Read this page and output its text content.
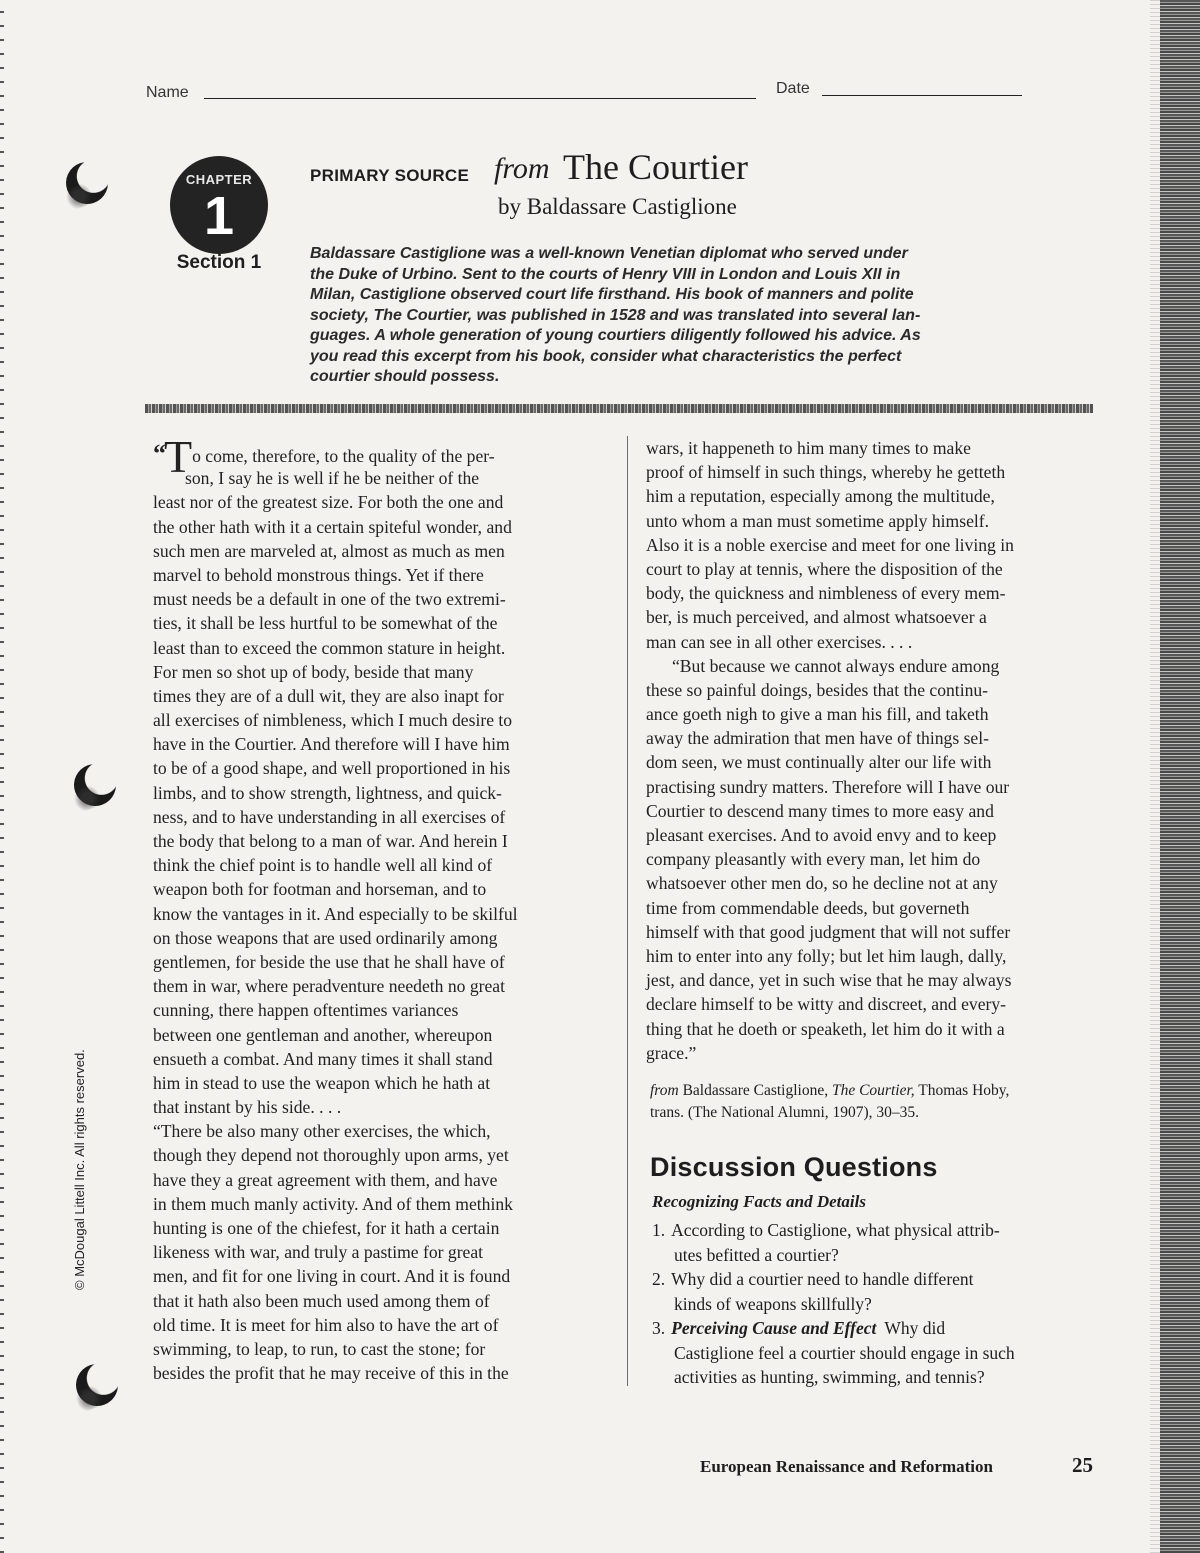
Name	Date
CHAPTER
1
Section 1
PRIMARY SOURCE from The Courtier
by Baldassare Castiglione
Baldassare Castiglione was a well-known Venetian diplomat who served under
the Duke of Urbino. Sent to the courts of Henry VIII in London and Louis XII in
Milan, Castiglione observed court life firsthand. His book of manners and polite
society, The Courtier, was published in 1528 and was translated into several lan-
guages. A whole generation of young courtiers diligently followed his advice. As
you read this excerpt from his book, consider what characteristics the perfect
courtier should possess.
“To come, therefore, to the quality of the per-
son, I say he is well if he be neither of the
least nor of the greatest size. For both the one and
the other hath with it a certain spiteful wonder, and
such men are marveled at, almost as much as men
marvel to behold monstrous things. Yet if there
must needs be a default in one of the two extremi-
ties, it shall be less hurtful to be somewhat of the
least than to exceed the common stature in height.
For men so shot up of body, beside that many
times they are of a dull wit, they are also inapt for
all exercises of nimbleness, which I much desire to
have in the Courtier. And therefore will I have him
to be of a good shape, and well proportioned in his
limbs, and to show strength, lightness, and quick-
ness, and to have understanding in all exercises of
the body that belong to a man of war. And herein I
think the chief point is to handle well all kind of
weapon both for footman and horseman, and to
know the vantages in it. And especially to be skilful
on those weapons that are used ordinarily among
gentlemen, for beside the use that he shall have of
them in war, where peradventure needeth no great
cunning, there happen oftentimes variances
between one gentleman and another, whereupon
ensueth a combat. And many times it shall stand
him in stead to use the weapon which he hath at
that instant by his side. . . .
“There be also many other exercises, the which,
though they depend not thoroughly upon arms, yet
have they a great agreement with them, and have
in them much manly activity. And of them methink
hunting is one of the chiefest, for it hath a certain
likeness with war, and truly a pastime for great
men, and fit for one living in court. And it is found
that it hath also been much used among them of
old time. It is meet for him also to have the art of
swimming, to leap, to run, to cast the stone; for
besides the profit that he may receive of this in the
wars, it happeneth to him many times to make
proof of himself in such things, whereby he getteth
him a reputation, especially among the multitude,
unto whom a man must sometime apply himself.
Also it is a noble exercise and meet for one living in
court to play at tennis, where the disposition of the
body, the quickness and nimbleness of every mem-
ber, is much perceived, and almost whatsoever a
man can see in all other exercises. . . .
“But because we cannot always endure among
these so painful doings, besides that the continu-
ance goeth nigh to give a man his fill, and taketh
away the admiration that men have of things sel-
dom seen, we must continually alter our life with
practising sundry matters. Therefore will I have our
Courtier to descend many times to more easy and
pleasant exercises. And to avoid envy and to keep
company pleasantly with every man, let him do
whatsoever other men do, so he decline not at any
time from commendable deeds, but governeth
himself with that good judgment that will not suffer
him to enter into any folly; but let him laugh, dally,
jest, and dance, yet in such wise that he may always
declare himself to be witty and discreet, and every-
thing that he doeth or speaketh, let him do it with a
grace.”
from Baldassare Castiglione, The Courtier, Thomas Hoby,
trans. (The National Alumni, 1907), 30–35.
Discussion Questions
Recognizing Facts and Details
1. According to Castiglione, what physical attrib-
utes befitted a courtier?
2. Why did a courtier need to handle different
kinds of weapons skillfully?
3. Perceiving Cause and Effect Why did
Castiglione feel a courtier should engage in such
activities as hunting, swimming, and tennis?
© McDougal Littell Inc. All rights reserved.
European Renaissance and Reformation	25
